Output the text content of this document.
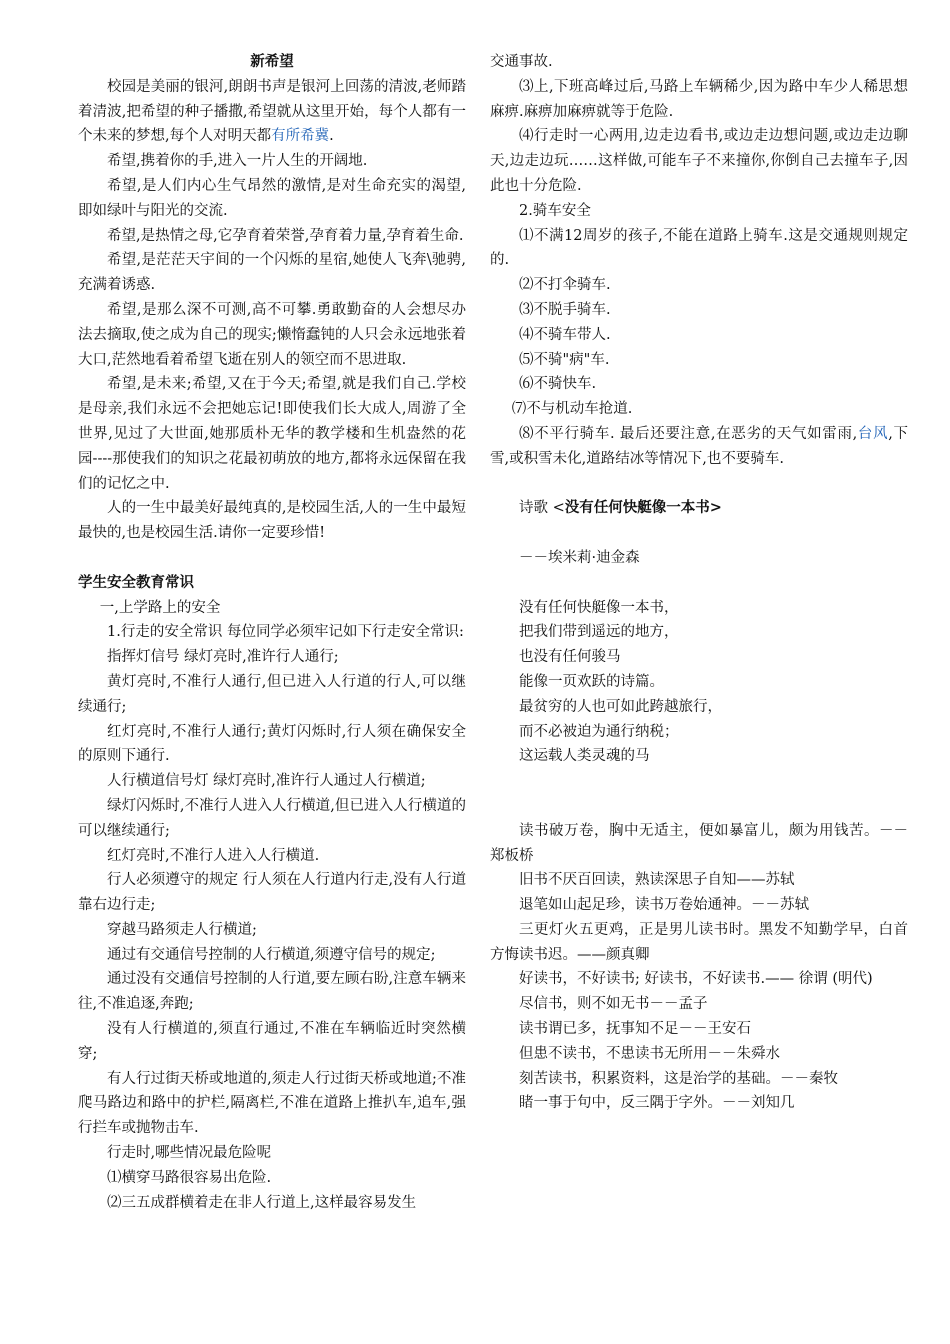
新希望

校园是美丽的银河,朗朗书声是银河上回荡的清波,老师踏着清波,把希望的种子播撒,希望就从这里开始，每个人都有一个未来的梦想,每个人对明天都有所希冀.

希望,携着你的手,进入一片人生的开阔地.

希望,是人们内心生气昂然的激情,是对生命充实的渴望,即如绿叶与阳光的交流.

希望,是热情之母,它孕育着荣誉,孕育着力量,孕育着生命.

希望,是茫茫天宇间的一个闪烁的星宿,她使人飞奔\驰骋,充满着诱惑.

希望,是那么深不可测,高不可攀.勇敢勤奋的人会想尽办法去摘取,使之成为自己的现实;懒惰蠢钝的人只会永远地张着大口,茫然地看着希望飞逝在别人的领空而不思进取.

希望,是未来;希望,又在于今天;希望,就是我们自己.学校是母亲,我们永远不会把她忘记!即使我们长大成人,周游了全世界,见过了大世面,她那质朴无华的教学楼和生机盎然的花园----那使我们的知识之花最初萌放的地方,都将永远保留在我们的记忆之中.

人的一生中最美好最纯真的,是校园生活,人的一生中最短最快的,也是校园生活.请你一定要珍惜!

学生安全教育常识

一,上学路上的安全

1.行走的安全常识 每位同学必须牢记如下行走安全常识:

指挥灯信号 绿灯亮时,准许行人通行;

黄灯亮时,不准行人通行,但已进入人行道的行人,可以继续通行;

红灯亮时,不准行人通行;黄灯闪烁时,行人须在确保安全的原则下通行.

人行横道信号灯 绿灯亮时,准许行人通过人行横道;

绿灯闪烁时,不准行人进入人行横道,但已进入人行横道的可以继续通行;

红灯亮时,不准行人进入人行横道.

行人必须遵守的规定 行人须在人行道内行走,没有人行道靠右边行走;

穿越马路须走人行横道;

通过有交通信号控制的人行横道,须遵守信号的规定;

通过没有交通信号控制的人行道,要左顾右盼,注意车辆来往,不准追逐,奔跑;

没有人行横道的,须直行通过,不准在车辆临近时突然横穿;

有人行过街天桥或地道的,须走人行过街天桥或地道;不准爬马路边和路中的护栏,隔离栏,不准在道路上推扒车,追车,强行拦车或抛物击车.

行走时,哪些情况最危险呢

⑴横穿马路很容易出危险.

⑵三五成群横着走在非人行道上,这样最容易发生

交通事故.

⑶上,下班高峰过后,马路上车辆稀少,因为路中车少人稀思想麻痹.麻痹加麻痹就等于危险.

⑷行走时一心两用,边走边看书,或边走边想问题,或边走边聊天,边走边玩……这样做,可能车子不来撞你,你倒自己去撞车子,因此也十分危险.

2.骑车安全

⑴不满12周岁的孩子,不能在道路上骑车.这是交通规则规定的.

⑵不打伞骑车.

⑶不脱手骑车.

⑷不骑车带人.

⑸不骑"病"车.

⑹不骑快车.

⑺不与机动车抢道.

⑻不平行骑车. 最后还要注意,在恶劣的天气如雷雨,台风,下雪,或积雪未化,道路结冰等情况下,也不要骑车.

诗歌 <没有任何快艇像一本书>

－－埃米莉·迪金森

没有任何快艇像一本书，

把我们带到遥远的地方，

也没有任何骏马

能像一页欢跃的诗篇。

最贫穷的人也可如此跨越旅行，

而不必被迫为通行纳税；

这运载人类灵魂的马

读书破万卷，胸中无适主，便如暴富儿，颇为用钱苦。－－郑板桥

旧书不厌百回读，熟读深思子自知——苏轼

退笔如山起足珍，读书万卷始通神。－－苏轼

三更灯火五更鸡，正是男儿读书时。黑发不知勤学早，白首方悔读书迟。——颜真卿

好读书，不好读书; 好读书，不好读书.—— 徐谓 (明代)

尽信书，则不如无书－－孟子

读书谓已多，抚事知不足－－王安石

但患不读书，不患读书无所用－－朱舜水

刻苦读书，积累资料，这是治学的基础。－－秦牧

睹一事于句中，反三隅于字外。－－刘知几
